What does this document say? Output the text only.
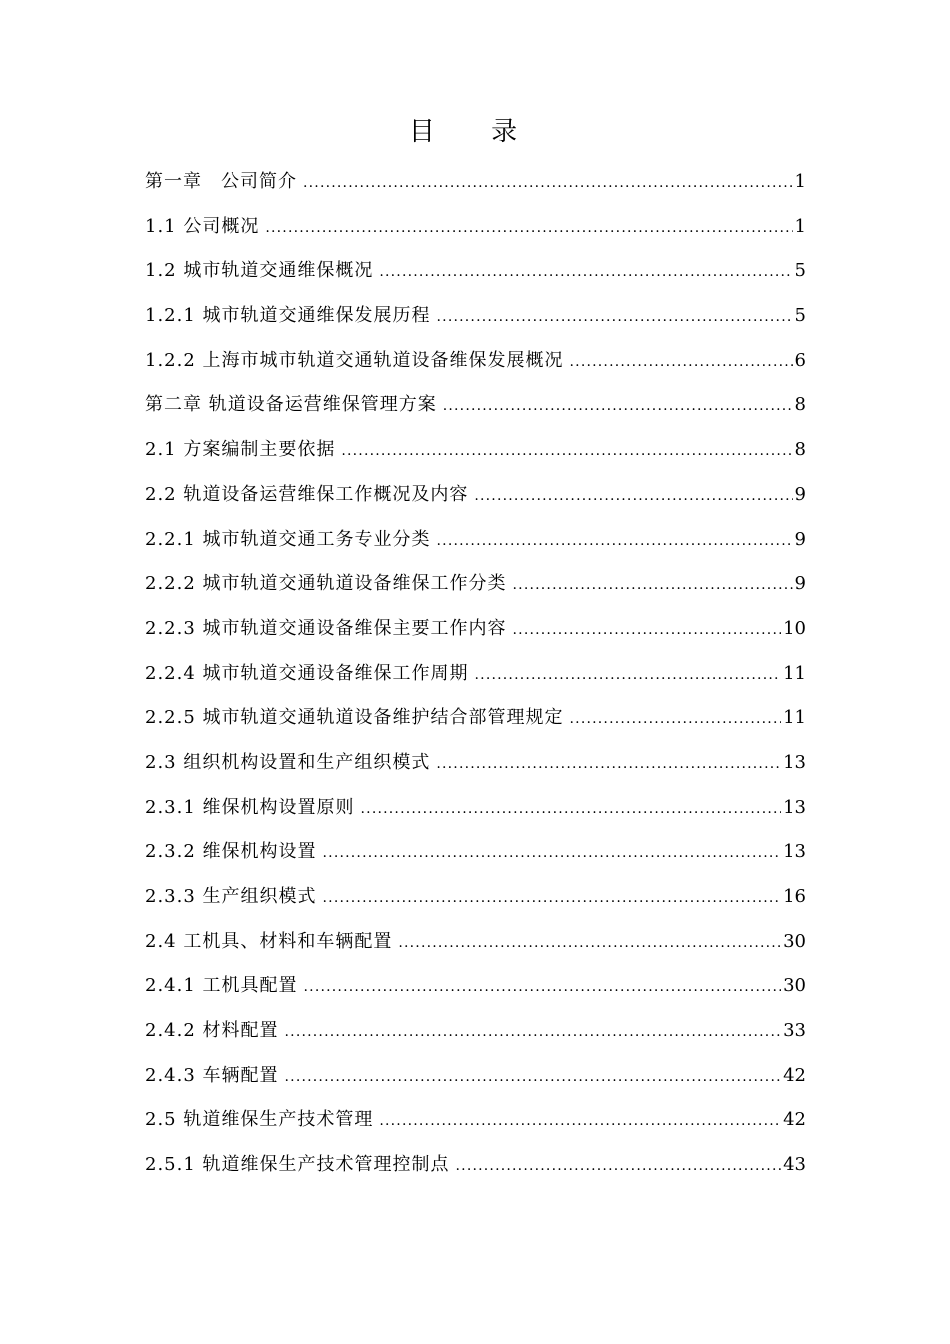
目 录
第一章　公司简介 .....	1
1.1 公司概况 .....	1
1.2 城市轨道交通维保概况 .....	5
1.2.1 城市轨道交通维保发展历程 .....	5
1.2.2 上海市城市轨道交通轨道设备维保发展概况 .....	6
第二章 轨道设备运营维保管理方案 .....	8
2.1 方案编制主要依据 .....	8
2.2 轨道设备运营维保工作概况及内容 .....	9
2.2.1 城市轨道交通工务专业分类 .....	9
2.2.2 城市轨道交通轨道设备维保工作分类 .....	9
2.2.3 城市轨道交通设备维保主要工作内容 .....	10
2.2.4 城市轨道交通设备维保工作周期 .....	11
2.2.5 城市轨道交通轨道设备维护结合部管理规定 .....	11
2.3 组织机构设置和生产组织模式 .....	13
2.3.1 维保机构设置原则 .....	13
2.3.2 维保机构设置 .....	13
2.3.3 生产组织模式 .....	16
2.4 工机具、材料和车辆配置 .....	30
2.4.1 工机具配置 .....	30
2.4.2 材料配置 .....	33
2.4.3 车辆配置 .....	42
2.5 轨道维保生产技术管理 .....	42
2.5.1 轨道维保生产技术管理控制点 .....	43
